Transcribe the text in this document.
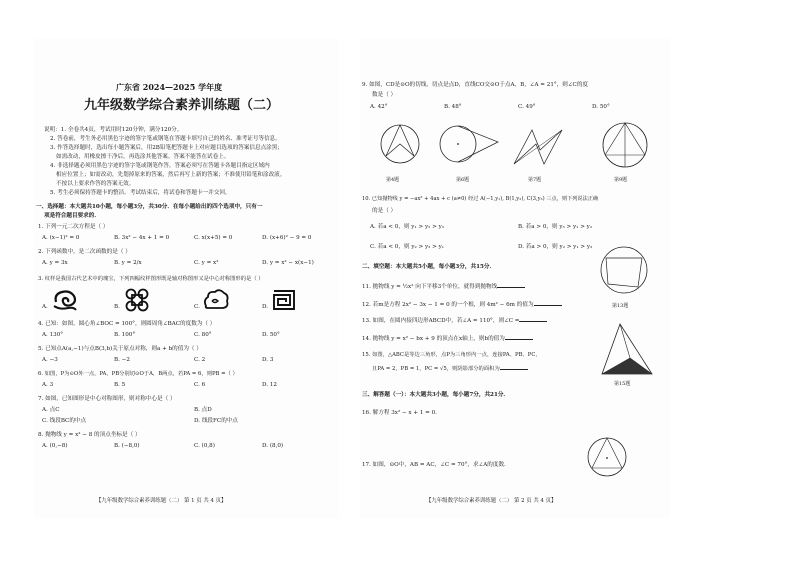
广东省 2024—2025 学年度
九年级数学综合素养训练题（二）
说明：1. 全卷共4页，考试用时120分钟，满分120分。
2. 答卷前，考生务必用黑色字迹的签字笔或钢笔在答题卡填写自己的姓名、准考证号等信息。
3. 作答选择题时，选出每小题答案后，用2B铅笔把答题卡上对应题目选项的答案信息点涂黑；
如需改动，用橡皮擦干净后，再选涂其他答案。答案不能答在试卷上。
4. 非选择题必须用黑色字迹的签字笔或钢笔作答，答案必须写在答题卡各题目指定区域内
相应位置上；如需改动，先划掉原来的答案，然后再写上新的答案；不准使用铅笔和涂改液。
不按以上要求作答的答案无效。
5. 考生必须保持答题卡的整洁。考试结束后，将试卷和答题卡一并交回。
一、选择题：本大题共10小题，每小题3分，共30分．在每小题给出的四个选项中，只有一
项是符合题目要求的．
1. 下列一元二次方程是（ ）
A. (x−1)² = 0	B. 3x² − 4x + 1 = 0	C. x(x+5) = 0	D. (x+6)² − 9 = 0
2. 下列函数中，是二次函数的是（ ）
A. y = 3x	B. y = 2/x	C. y = x²	D. y = x² − x(x−1)
3. 纹样是我国古代艺术中的瑰宝，下列四幅纹样图形既是轴对称图形又是中心对称图形的是（ ）
A.	B.	C.	D.
4. 已知：如图，圆心角∠BOC = 100°，则圆周角∠BAC的度数为（ ）
A. 130°	B. 100°	C. 80°	D. 50°
5. 已知点A(a,−1)与点B(3,b)关于原点对称，则a + b的值为（ ）
A. −3	B. −2	C. 2	D. 3
6. 如图，P为⊙O外一点，PA，PB分别切⊙O于A，B两点，若PA = 6，则PB =（ ）
A. 3	B. 5	C. 6	D. 12
7. 如图，已知图形是中心对称图形，则对称中心是（ ）
A. 点C	B. 点D
C. 线段BC的中点	D. 线段FC的中点
8. 抛物线 y = x² − 8 的顶点坐标是（ ）
A. (0,−8)	B. (−8,0)	C. (0,8)	D. (8,0)
【九年级数学综合素养训练题（二） 第 1 页 共 4 页】
9. 如图，CD是⊙O的切线，切点是点D，直线CO交⊙O于点A、B，∠A = 21°，则∠C的度
数是（ ）
A. 42°	B. 48°	C. 49°	D. 50°
第4题	第6题	第7题	第9题
10. 已知抛物线 y = −ax² + 4ax + c (a≠0) 经过 A(−1,y₁), B(1,y₂), C(3,y₃) 三点，则下列说法正确
的是（ ）
A. 若a < 0，则 y₁ > y₂ > y₃	B. 若a > 0，则 y₃ > y₁ > y₂
C. 若a < 0，则 y₂ > y₃ > y₁	D. 若a > 0，则 y₂ > y₁ > y₃
二、填空题：本大题共5小题，每小题3分，共15分．
11. 抛物线 y = ½x² 向下平移3个单位，就得到抛物线
12. 若m是方程 2x² − 3x − 1 = 0 的一个根，则 4m² − 6m 的值为
13. 如图，在圆内接四边形ABCD中，若∠A = 110°，则∠C =
第13题
14. 抛物线 y = x² − bx + 9 的顶点在x轴上，则b的值为
15. 如图，△ABC是等边三角形，点P为三角形内一点，连接PA、PB、PC，
且PA = 2，PB = 1，PC = √5，则阴影部分的面积为
第15题
三、解答题（一）：本大题共3小题，每小题7分，共21分．
16. 解方程 3x² − x + 1 = 0．
17. 如图，⊙O中，AB = AC，∠C = 70°，求∠A的度数．
【九年级数学综合素养训练题（二） 第 2 页 共 4 页】
